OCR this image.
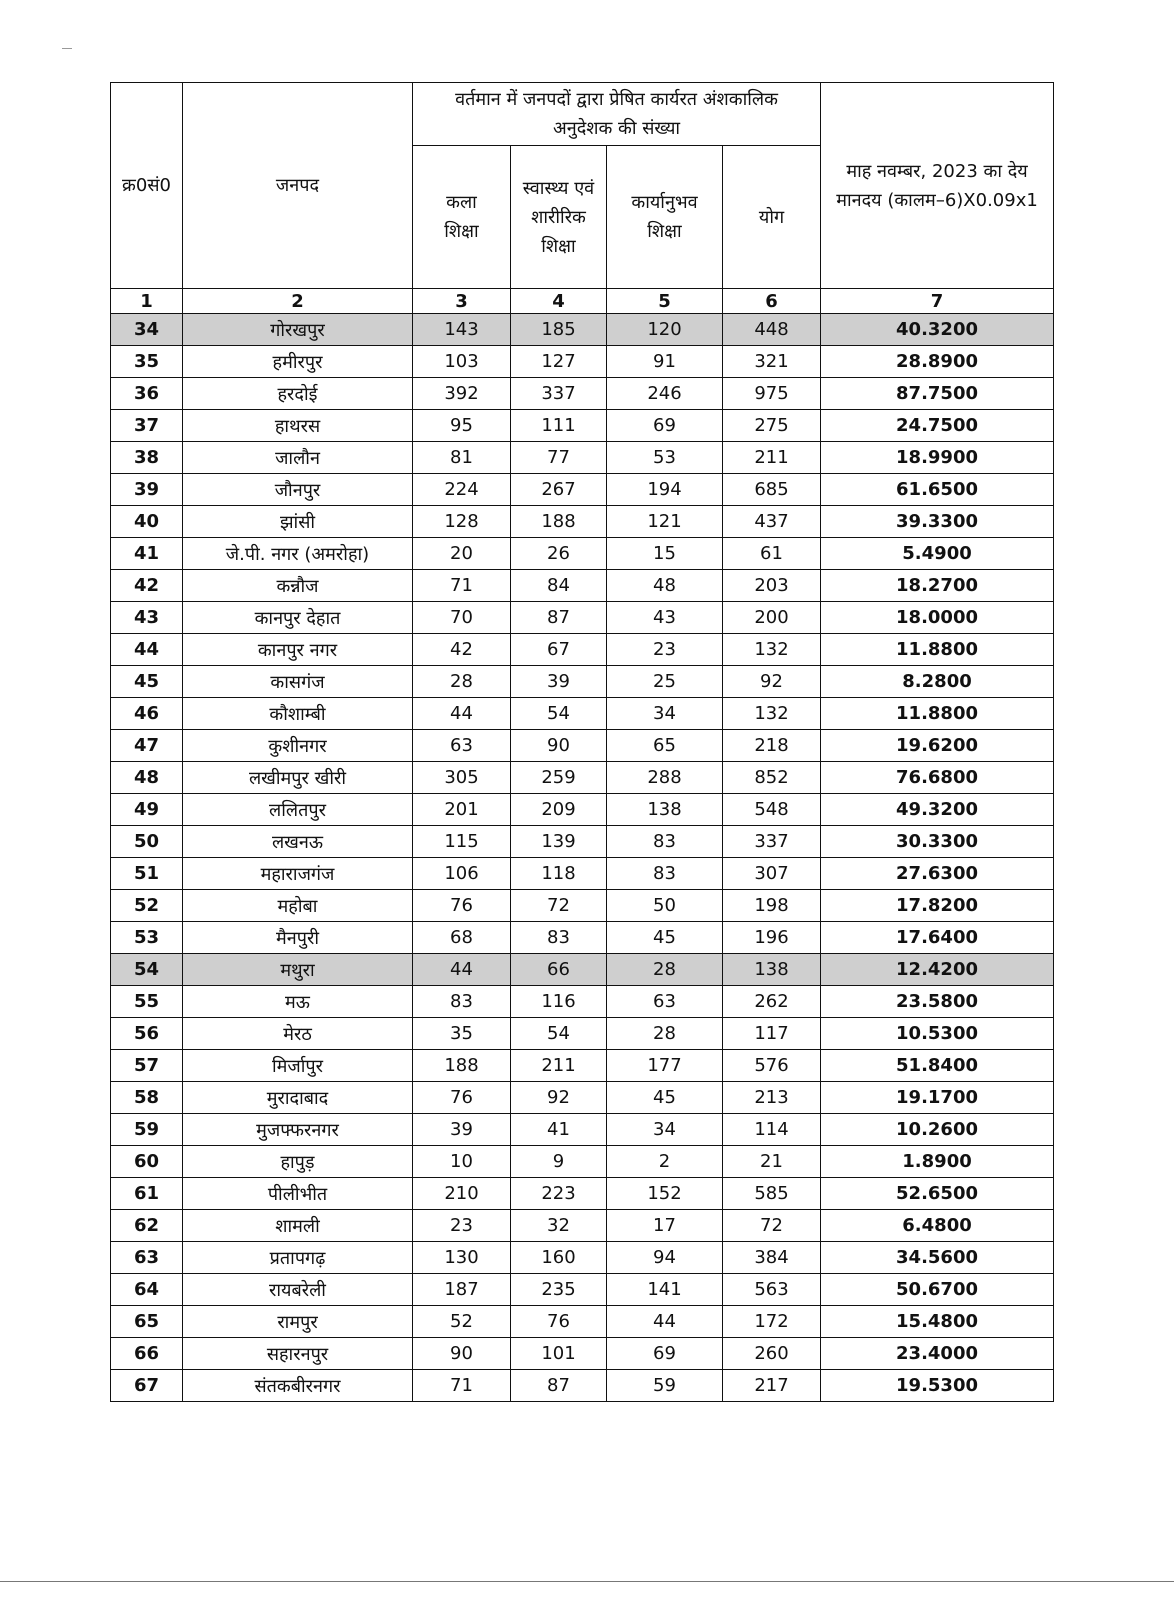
क्र0सं0	जनपद	वर्तमान में जनपदों द्वारा प्रेषित कार्यरत अंशकालिक अनुदेशक की संख्या				माह नवम्बर, 2023 का देय मानदय (कालम–6)X0.09x1
		कला शिक्षा	स्वास्थ्य एवं शारीरिक शिक्षा	कार्यानुभव शिक्षा	योग	
1	2	3	4	5	6	7
34	गोरखपुर	143	185	120	448	40.3200
35	हमीरपुर	103	127	91	321	28.8900
36	हरदोई	392	337	246	975	87.7500
37	हाथरस	95	111	69	275	24.7500
38	जालौन	81	77	53	211	18.9900
39	जौनपुर	224	267	194	685	61.6500
40	झांसी	128	188	121	437	39.3300
41	जे.पी. नगर (अमरोहा)	20	26	15	61	5.4900
42	कन्नौज	71	84	48	203	18.2700
43	कानपुर देहात	70	87	43	200	18.0000
44	कानपुर नगर	42	67	23	132	11.8800
45	कासगंज	28	39	25	92	8.2800
46	कौशाम्बी	44	54	34	132	11.8800
47	कुशीनगर	63	90	65	218	19.6200
48	लखीमपुर खीरी	305	259	288	852	76.6800
49	ललितपुर	201	209	138	548	49.3200
50	लखनऊ	115	139	83	337	30.3300
51	महाराजगंज	106	118	83	307	27.6300
52	महोबा	76	72	50	198	17.8200
53	मैनपुरी	68	83	45	196	17.6400
54	मथुरा	44	66	28	138	12.4200
55	मऊ	83	116	63	262	23.5800
56	मेरठ	35	54	28	117	10.5300
57	मिर्जापुर	188	211	177	576	51.8400
58	मुरादाबाद	76	92	45	213	19.1700
59	मुजफ्फरनगर	39	41	34	114	10.2600
60	हापुड़	10	9	2	21	1.8900
61	पीलीभीत	210	223	152	585	52.6500
62	शामली	23	32	17	72	6.4800
63	प्रतापगढ़	130	160	94	384	34.5600
64	रायबरेली	187	235	141	563	50.6700
65	रामपुर	52	76	44	172	15.4800
66	सहारनपुर	90	101	69	260	23.4000
67	संतकबीरनगर	71	87	59	217	19.5300
